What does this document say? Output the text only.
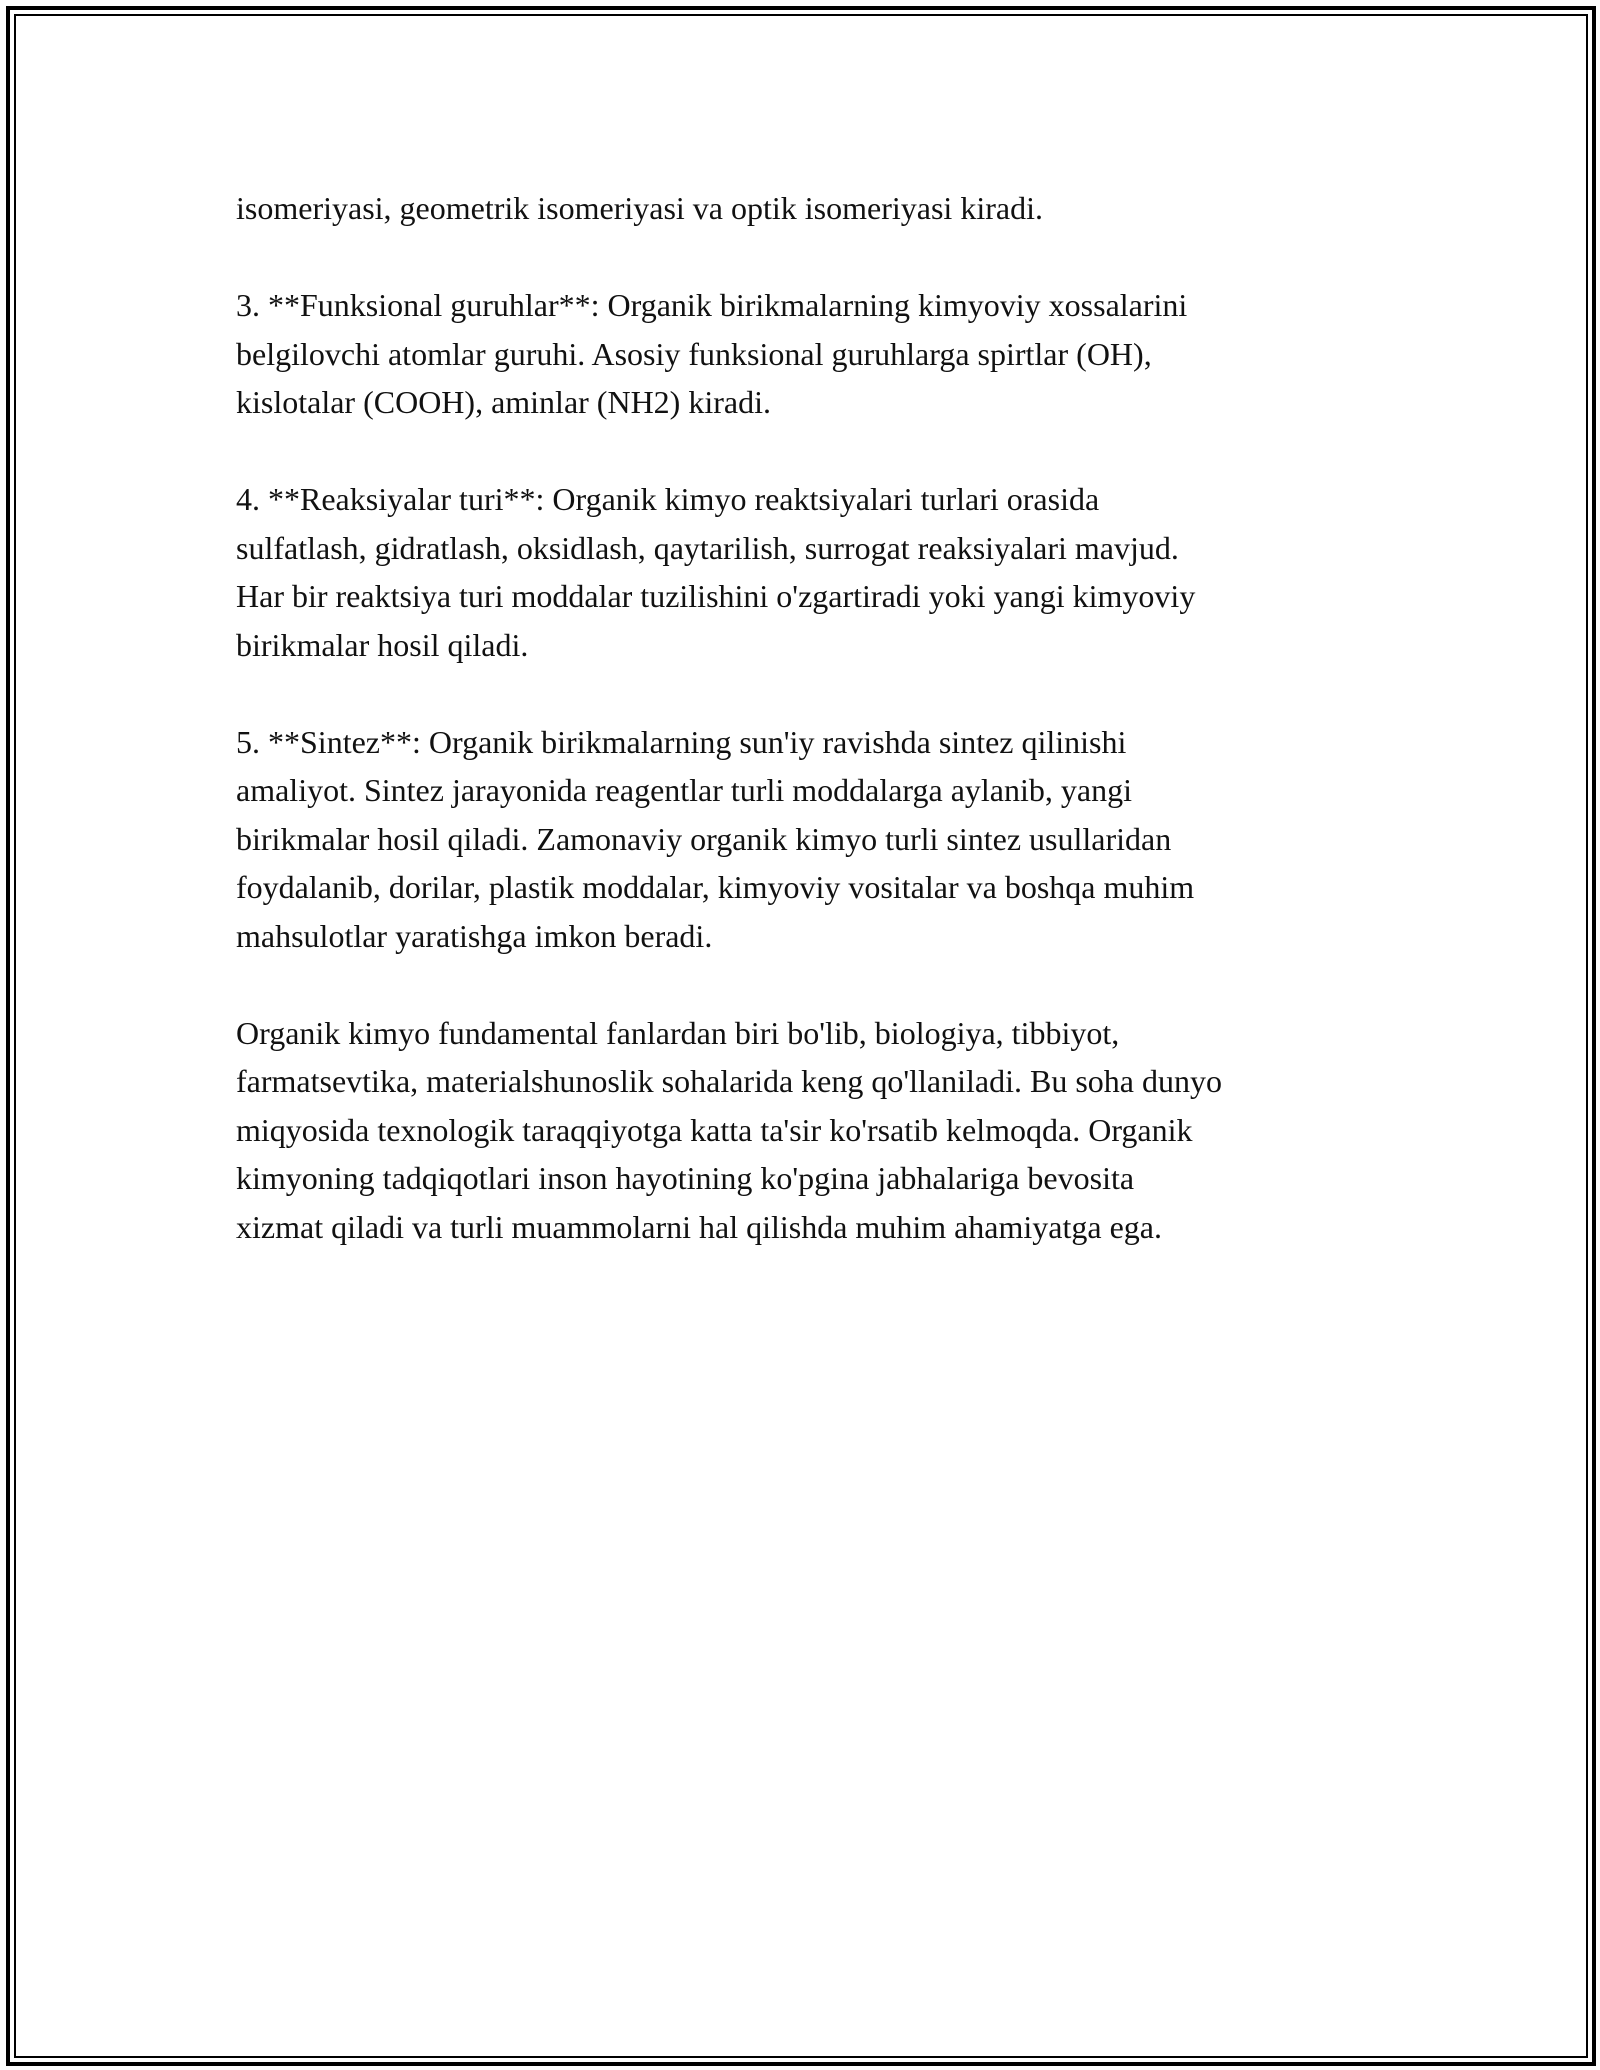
isomeriyasi, geometrik isomeriyasi va optik isomeriyasi kiradi.

3. **Funksional guruhlar**: Organik birikmalarning kimyoviy xossalarini
belgilovchi atomlar guruhi. Asosiy funksional guruhlarga spirtlar (OH),
kislotalar (COOH), aminlar (NH2) kiradi.

4. **Reaksiyalar turi**: Organik kimyo reaktsiyalari turlari orasida
sulfatlash, gidratlash, oksidlash, qaytarilish, surrogat reaksiyalari mavjud.
Har bir reaktsiya turi moddalar tuzilishini o'zgartiradi yoki yangi kimyoviy
birikmalar hosil qiladi.

5. **Sintez**: Organik birikmalarning sun'iy ravishda sintez qilinishi
amaliyot. Sintez jarayonida reagentlar turli moddalarga aylanib, yangi
birikmalar hosil qiladi. Zamonaviy organik kimyo turli sintez usullaridan
foydalanib, dorilar, plastik moddalar, kimyoviy vositalar va boshqa muhim
mahsulotlar yaratishga imkon beradi.

Organik kimyo fundamental fanlardan biri bo'lib, biologiya, tibbiyot,
farmatsevtika, materialshunoslik sohalarida keng qo'llaniladi. Bu soha dunyo
miqyosida texnologik taraqqiyotga katta ta'sir ko'rsatib kelmoqda. Organik
kimyoning tadqiqotlari inson hayotining ko'pgina jabhalariga bevosita
xizmat qiladi va turli muammolarni hal qilishda muhim ahamiyatga ega.
